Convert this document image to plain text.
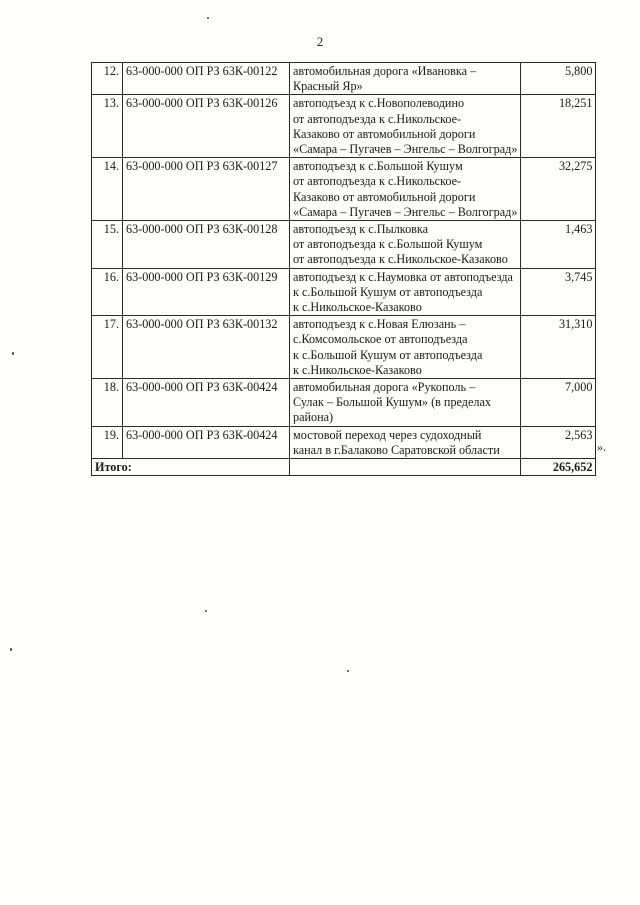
2
12.	63-000-000 ОП РЗ 63К-00122	автомобильная дорога «Ивановка –
Красный Яр»	5,800
13.	63-000-000 ОП РЗ 63К-00126	автоподъезд к с.Новополеводино
от автоподъезда к с.Никольское-
Казаково от автомобильной дороги
«Самара – Пугачев – Энгельс – Волгоград»	18,251
14.	63-000-000 ОП РЗ 63К-00127	автоподъезд к с.Большой Кушум
от автоподъезда к с.Никольское-
Казаково от автомобильной дороги
«Самара – Пугачев – Энгельс – Волгоград»	32,275
15.	63-000-000 ОП РЗ 63К-00128	автоподъезд к с.Пылковка
от автоподъезда к с.Большой Кушум
от автоподъезда к с.Никольское-Казаково	1,463
16.	63-000-000 ОП РЗ 63К-00129	автоподъезд к с.Наумовка от автоподъезда
к с.Большой Кушум от автоподъезда
к с.Никольское-Казаково	3,745
17.	63-000-000 ОП РЗ 63К-00132	автоподъезд к с.Новая Елюзань –
с.Комсомольское от автоподъезда
к с.Большой Кушум от автоподъезда
к с.Никольское-Казаково	31,310
18.	63-000-000 ОП РЗ 63К-00424	автомобильная дорога «Рукополь –
Сулак – Большой Кушум» (в пределах
района)	7,000
19.	63-000-000 ОП РЗ 63К-00424	мостовой переход через судоходный
канал в г.Балаково Саратовской области	2,563
Итого:			265,652
».
